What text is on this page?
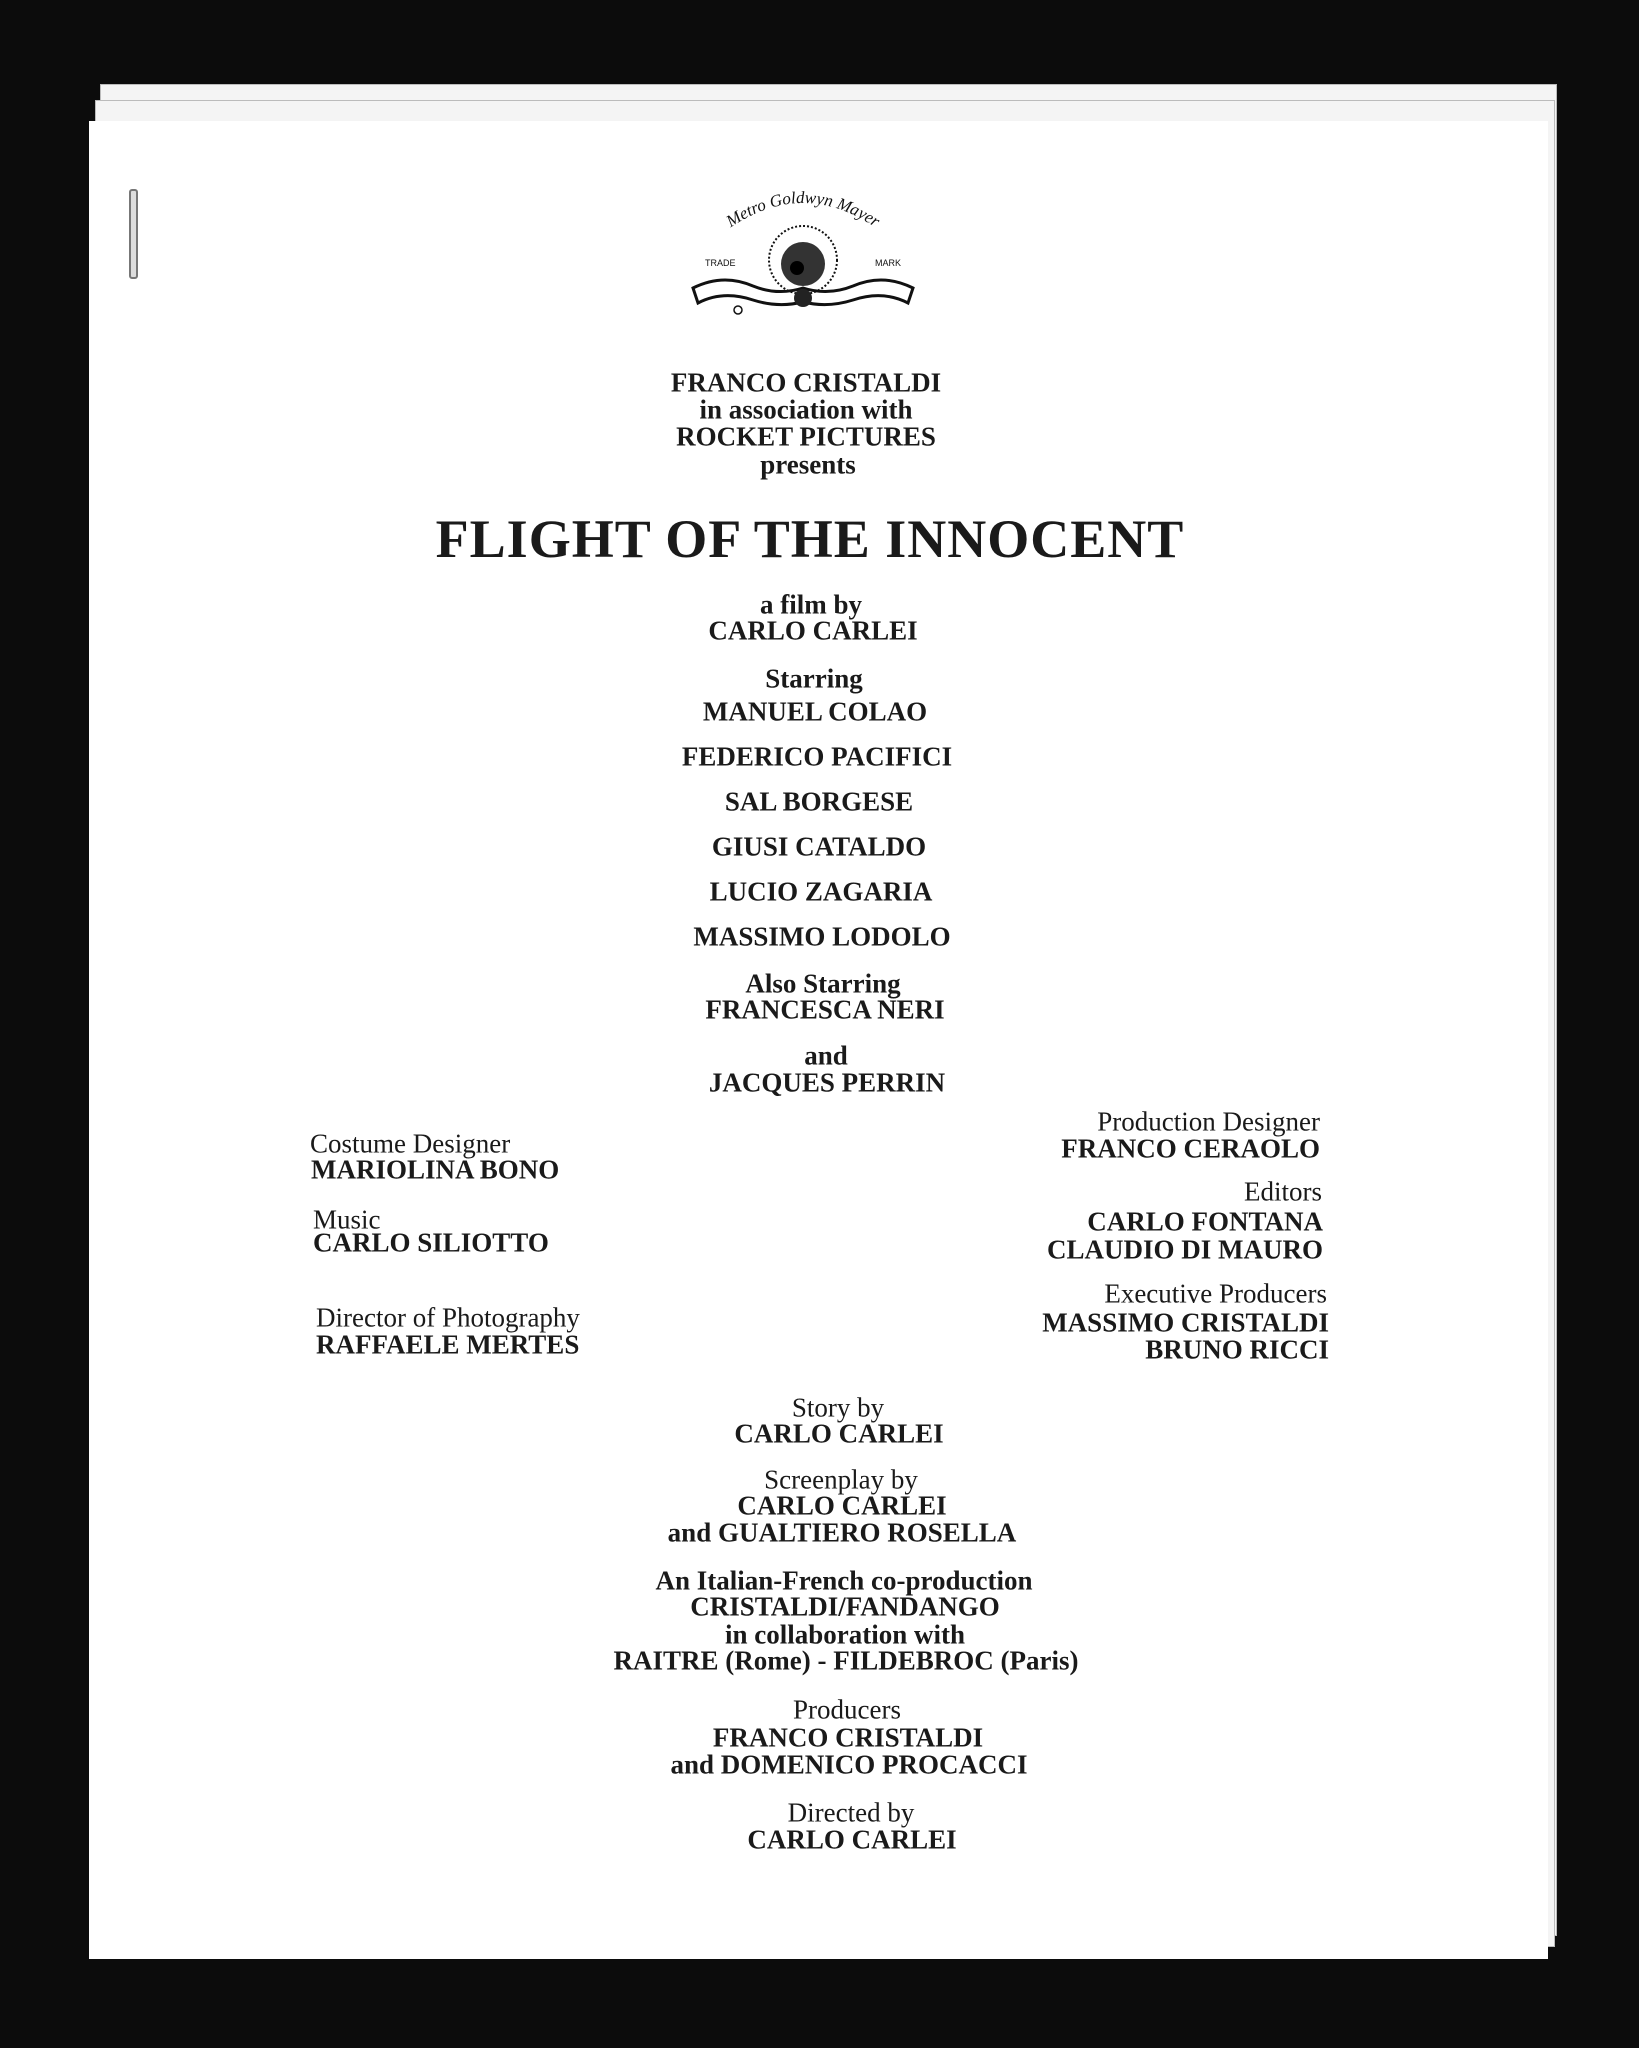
Metro Goldwyn Mayer
TRADE	MARK
FRANCO CRISTALDI
in association with
ROCKET PICTURES
presents
FLIGHT OF THE INNOCENT
a film by
CARLO CARLEI
Starring
MANUEL COLAO
FEDERICO PACIFICI
SAL BORGESE
GIUSI CATALDO
LUCIO ZAGARIA
MASSIMO LODOLO
Also Starring
FRANCESCA NERI
and
JACQUES PERRIN
Costume Designer
MARIOLINA BONO
Music
CARLO SILIOTTO
Director of Photography
RAFFAELE MERTES
Production Designer
FRANCO CERAOLO
Editors
CARLO FONTANA
CLAUDIO DI MAURO
Executive Producers
MASSIMO CRISTALDI
BRUNO RICCI
Story by
CARLO CARLEI
Screenplay by
CARLO CARLEI
and GUALTIERO ROSELLA
An Italian-French co-production
CRISTALDI/FANDANGO
in collaboration with
RAITRE (Rome) - FILDEBROC (Paris)
Producers
FRANCO CRISTALDI
and DOMENICO PROCACCI
Directed by
CARLO CARLEI
